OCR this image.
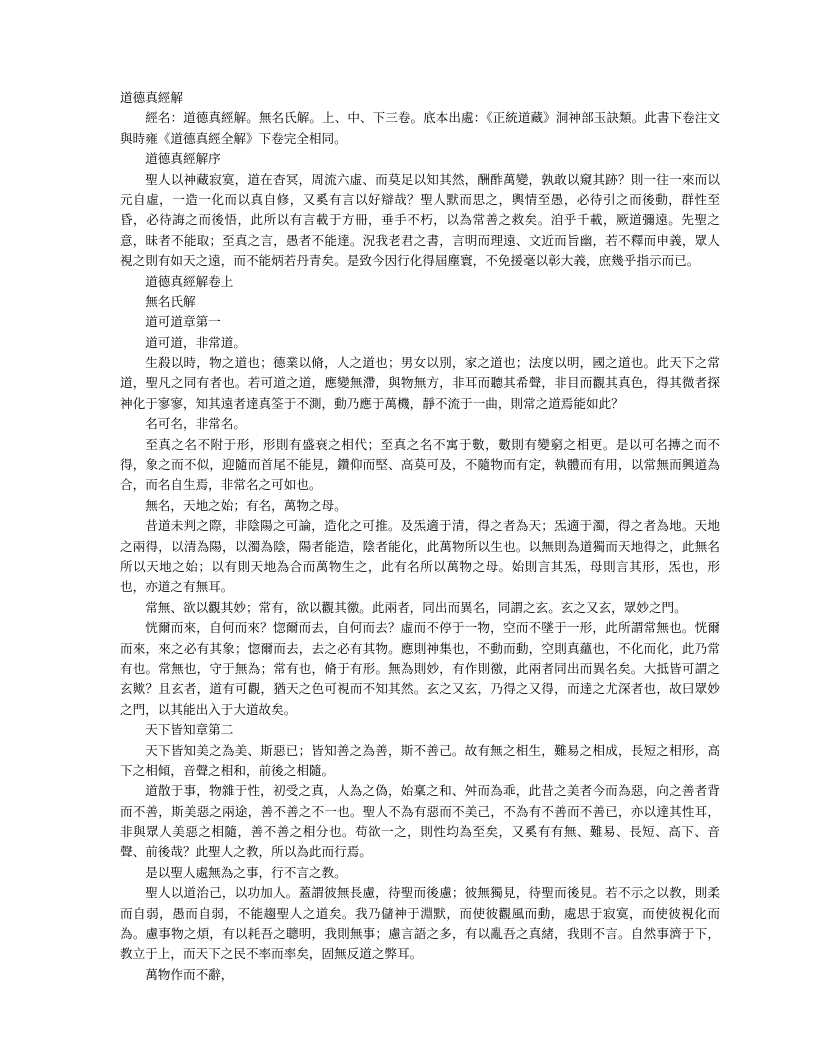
道德真經解

經名：道德真經解。無名氏解。上、中、下三卷。底本出處：《正統道藏》洞神部玉訣類。此書下卷注文與時雍《道德真經全解》下卷完全相同。

道德真經解序

聖人以神藏寂寞，道在杳冥，周流六虛、而莫足以知其然，酬酢萬變，孰敢以窺其跡？則一往一來而以元自虛，一造一化而以真自修，又奚有言以好辯哉？聖人默而思之，輿情至愚，必待引之而後動，群性至昏，必待誨之而後悟，此所以有言載于方冊，垂手不朽，以為常善之救矣。洎乎千載，厥道彌遠。先聖之意，昧者不能取；至真之言，愚者不能達。況我老君之書，言明而理遠、文近而旨幽，若不釋而申義，眾人視之則有如天之遠，而不能炳若丹青矣。是致今因行化得屆塵寰，不免援毫以彰大義，庶幾乎指示而已。

道德真經解卷上

無名氏解

道可道章第一

道可道，非常道。

生殺以時，物之道也；德業以脩，人之道也；男女以別，家之道也；法度以明，國之道也。此天下之常道，聖凡之同有者也。若可道之道，應變無滯，與物無方，非耳而聽其希聲，非目而觀其真色，得其微者探神化于寥寥，知其遠者達真筌于不測，動乃應于萬機，靜不流于一曲，則常之道焉能如此？

名可名，非常名。

至真之名不附于形，形則有盛衰之相代；至真之名不寓于數，數則有變窮之相更。是以可名摶之而不得，象之而不似，迎隨而首尾不能見，鑽仰而堅、高莫可及，不隨物而有定，執體而有用，以常無而興道為合，而名自生焉，非常名之可如也。

無名，天地之始；有名，萬物之母。

昔道未判之際，非陰陽之可論，造化之可推。及炁適于清，得之者為天；炁適于濁，得之者為地。天地之兩得，以清為陽，以濁為陰，陽者能造，陰者能化，此萬物所以生也。以無則為道獨而天地得之，此無名所以天地之始；以有則天地為合而萬物生之，此有名所以萬物之母。始則言其炁，母則言其形，炁也，形也，亦道之有無耳。

常無、欲以觀其妙；常有，欲以觀其徼。此兩者，同出而異名，同謂之玄。玄之又玄，眾妙之門。

恍爾而來，自何而來？惚爾而去，自何而去？虛而不停于一物，空而不墜于一形，此所謂常無也。恍爾而來，來之必有其象；惚爾而去，去之必有其物。應則神集也，不動而動，空則真蘊也，不化而化，此乃常有也。常無也，守于無為；常有也，脩于有形。無為則妙，有作則徼，此兩者同出而異名矣。大抵皆可謂之玄歟？且玄者，道有可觀，猶天之色可視而不知其然。玄之又玄，乃得之又得，而達之尤深者也，故曰眾妙之門，以其能出入于大道故矣。

天下皆知章第二

天下皆知美之為美、斯惡已；皆知善之為善，斯不善己。故有無之相生，難易之相成，長短之相形，高下之相傾，音聲之相和，前後之相隨。

道散于事，物雜于性，初受之真，人為之偽，始稟之和、舛而為乖，此昔之美者今而為惡，向之善者背而不善，斯美惡之兩途，善不善之不一也。聖人不為有惡而不美己，不為有不善而不善已，亦以達其性耳，非與眾人美惡之相隨，善不善之相分也。苟欲一之，則性均為至矣，又奚有有無、難易、長短、高下、音聲、前後哉？此聖人之教，所以為此而行焉。

是以聖人處無為之事，行不言之教。

聖人以道治己，以功加人。蓋謂彼無長慮，待聖而後慮；彼無獨見，待聖而後見。若不示之以教，則柔而自弱，愚而自弱，不能趨聖人之道矣。我乃儲神于淵默，而使彼觀風而動，處思于寂寞，而使彼視化而為。慮事物之煩，有以耗吾之聰明，我則無事；慮言語之多，有以亂吾之真緒，我則不言。自然事濟于下，教立于上，而天下之民不率而率矣，固無反道之弊耳。

萬物作而不辭，
